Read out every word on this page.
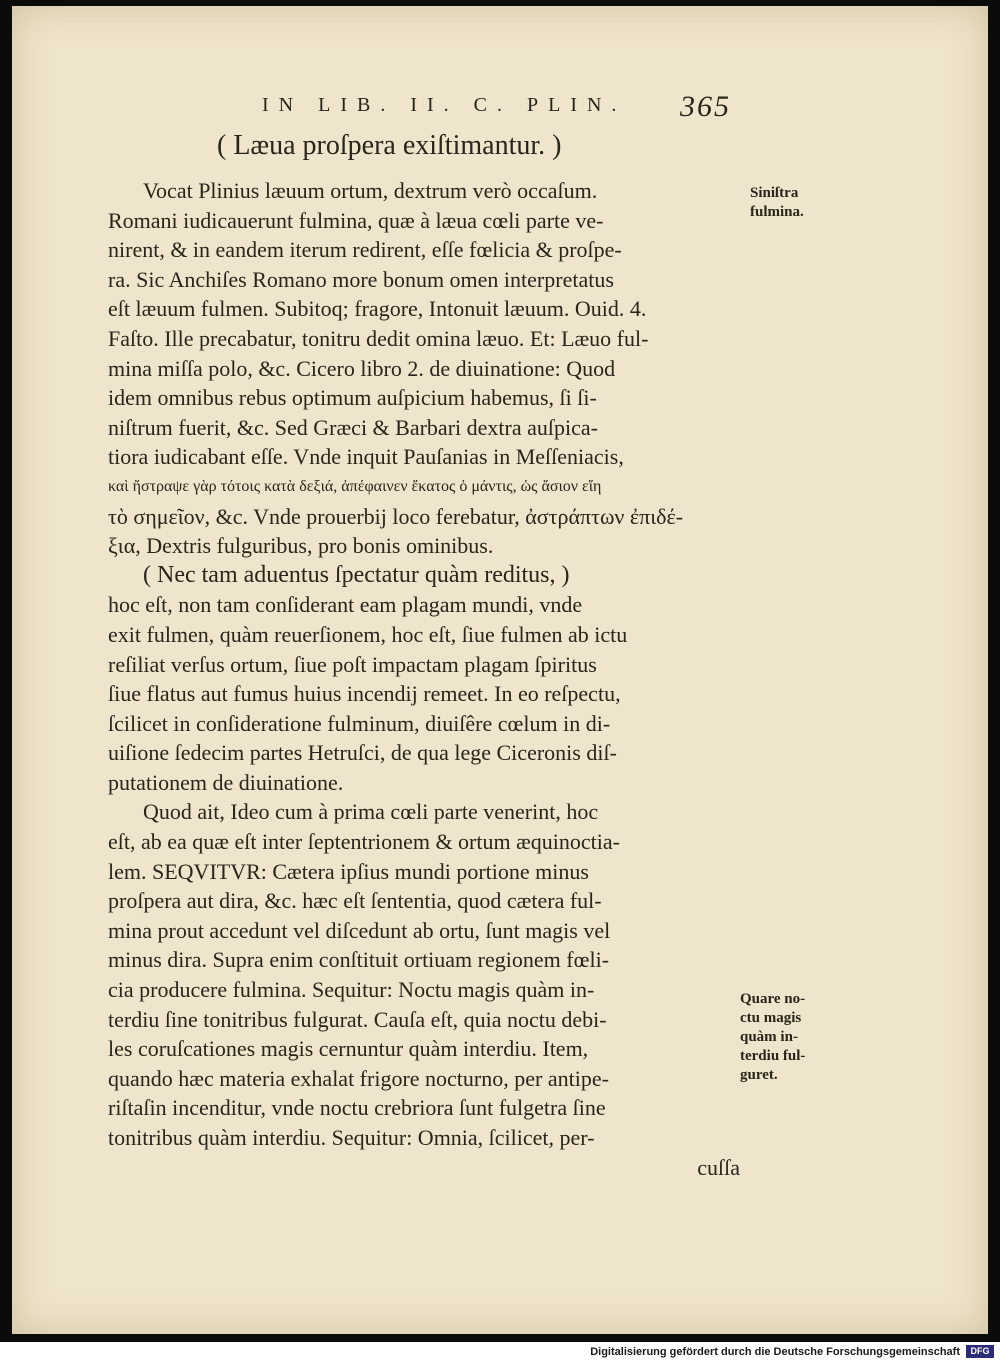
IN LIB. II. C. PLIN. 365
( Læua proſpera exiſtimantur. )
Vocat Plinius læuum ortum, dextrum verò occaſum.
Romani iudicauerunt fulmina, quæ à læua cœli parte ve-
nirent, & in eandem iterum redirent, eſſe fœlicia & proſpe-
ra. Sic Anchiſes Romano more bonum omen interpretatus
eſt læuum fulmen. Subitoq; fragore, Intonuit læuum. Ouid. 4.
Faſto. Ille precabatur, tonitru dedit omina læuo. Et: Læuo ful-
mina miſſa polo, &c. Cicero libro 2. de diuinatione: Quod
idem omnibus rebus optimum auſpicium habemus, ſi ſi-
niſtrum fuerit, &c. Sed Græci & Barbari dextra auſpica-
tiora iudicabant eſſe. Vnde inquit Pauſanias in Meſſeniacis,
καὶ ἤστραψε γὰρ τότοις κατὰ δεξιά, ἀπέφαινεν ἔκατος ὁ μάντις, ὡς ἄσιον εἴη
τὸ σημεῖον, &c. Vnde prouerbij loco ferebatur, ἀστράπτων ἐπιδέ-
ξια, Dextris fulguribus, pro bonis ominibus.
( Nec tam aduentus ſpectatur quàm reditus, )
hoc eſt, non tam conſiderant eam plagam mundi, vnde
exit fulmen, quàm reuerſionem, hoc eſt, ſiue fulmen ab ictu
reſiliat verſus ortum, ſiue poſt impactam plagam ſpiritus
ſiue flatus aut fumus huius incendij remeet. In eo reſpectu,
ſcilicet in conſideratione fulminum, diuiſêre cœlum in di-
uiſione ſedecim partes Hetruſci, de qua lege Ciceronis diſ-
putationem de diuinatione.
Quod ait, Ideo cum à prima cœli parte venerint, hoc
eſt, ab ea quæ eſt inter ſeptentrionem & ortum æquinoctia-
lem. SEQVITVR: Cætera ipſius mundi portione minus
proſpera aut dira, &c. hæc eſt ſententia, quod cætera ful-
mina prout accedunt vel diſcedunt ab ortu, ſunt magis vel
minus dira. Supra enim conſtituit ortiuam regionem fœli-
cia producere fulmina. Sequitur: Noctu magis quàm in-
terdiu ſine tonitribus fulgurat. Cauſa eſt, quia noctu debi-
les coruſcationes magis cernuntur quàm interdiu. Item,
quando hæc materia exhalat frigore nocturno, per antipe-
riſtaſin incenditur, vnde noctu crebriora ſunt fulgetra ſine
tonitribus quàm interdiu. Sequitur: Omnia, ſcilicet, per-
cuſſa
Siniſtra
fulmina.
Quare no-
ctu magis
quàm in-
terdiu ful-
guret.
Digitalisierung gefördert durch die Deutsche Forschungsgemeinschaft	DFG
